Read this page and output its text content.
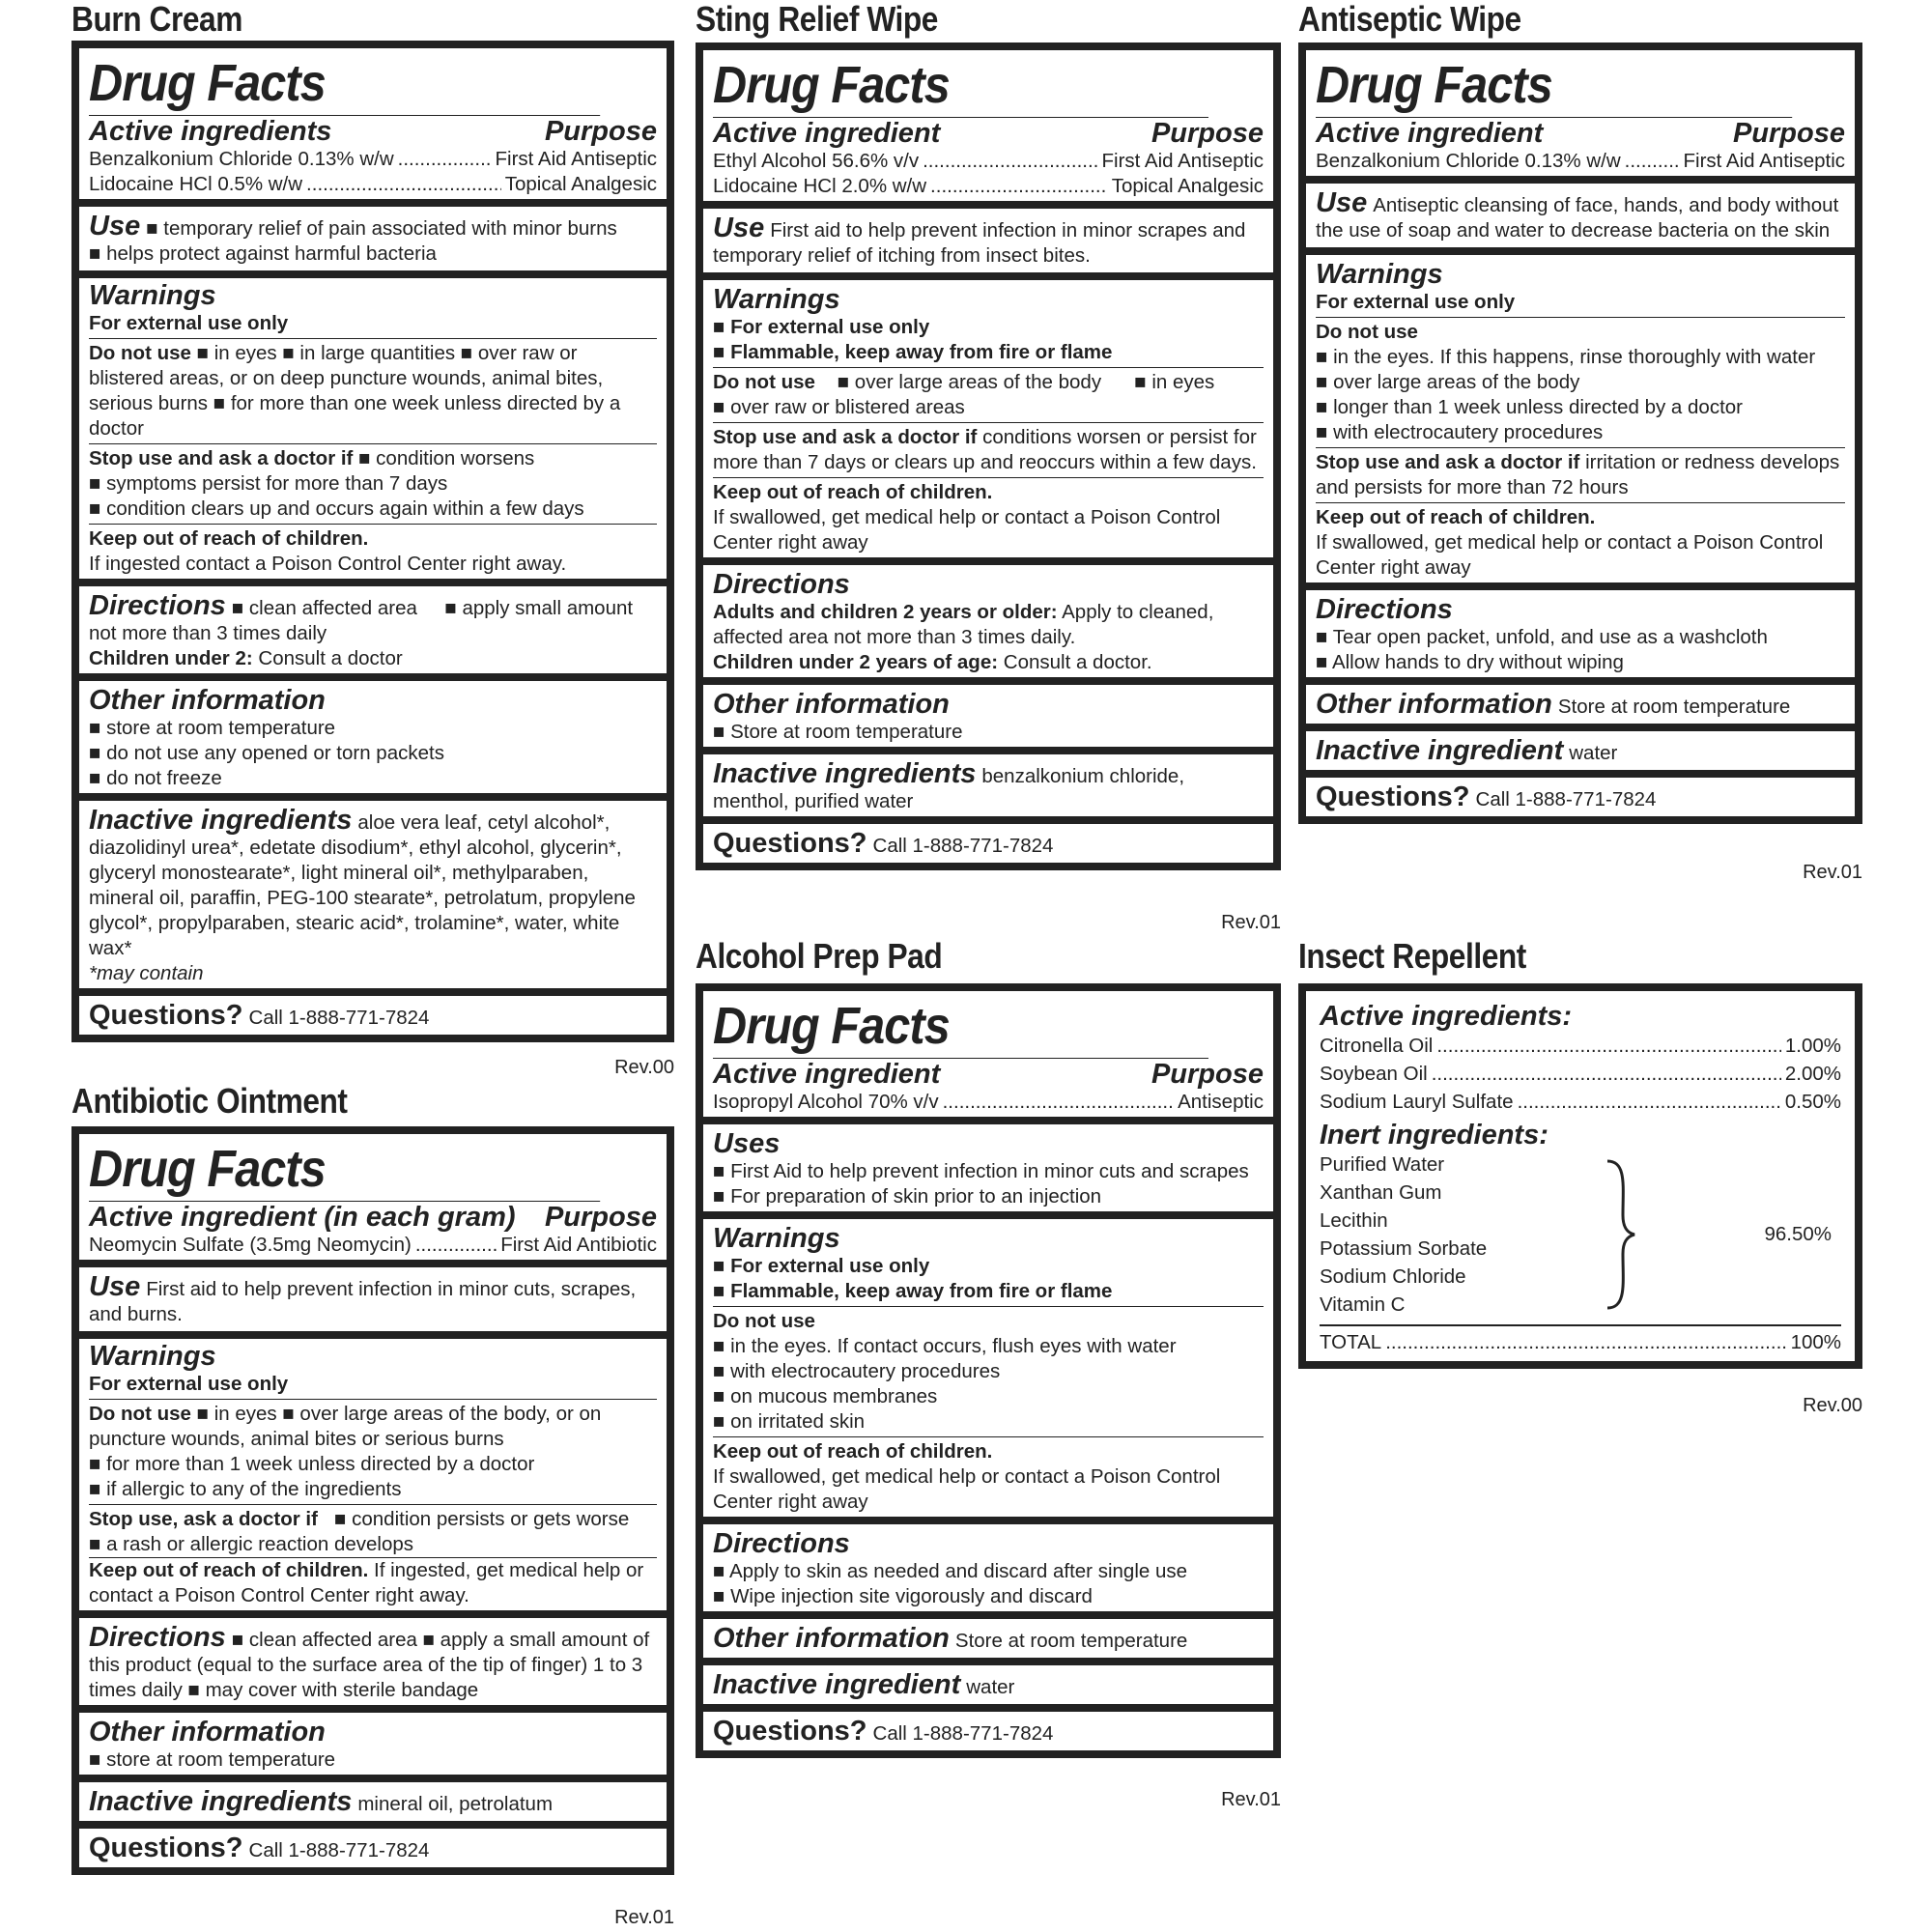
Burn Cream
Drug Facts
Active ingredients	Purpose
Benzalkonium Chloride 0.13% w/w .....	First Aid Antiseptic
Lidocaine HCl 0.5% w/w .....	Topical Analgesic

Use ■ temporary relief of pain associated with minor burns

■ helps protect against harmful bacteria

Warnings

For external use only

Do not use ■ in eyes ■ in large quantities ■ over raw or blistered areas, or on deep puncture wounds, animal bites, serious burns ■ for more than one week unless directed by a doctor

Stop use and ask a doctor if ■ condition worsens

■ symptoms persist for more than 7 days

■ condition clears up and occurs again within a few days

Keep out of reach of children.

If ingested contact a Poison Control Center right away.

Directions ■ clean affected area ■ apply small amount

not more than 3 times daily

Children under 2: Consult a doctor

Other information

■ store at room temperature

■ do not use any opened or torn packets

■ do not freeze

Inactive ingredients aloe vera leaf, cetyl alcohol*, diazolidinyl urea*, edetate disodium*, ethyl alcohol, glycerin*, glyceryl monostearate*, light mineral oil*, methylparaben, mineral oil, paraffin, PEG-100 stearate*, petrolatum, propylene glycol*, propylparaben, stearic acid*, trolamine*, water, white wax*

*may contain

Questions? Call 1-888-771-7824

Rev.00
Antibiotic Ointment
Drug Facts
Active ingredient (in each gram) Purpose
Neomycin Sulfate (3.5mg Neomycin) .....	First Aid Antibiotic

Use First aid to help prevent infection in minor cuts, scrapes, and burns.

Warnings

For external use only

Do not use ■ in eyes ■ over large areas of the body, or on puncture wounds, animal bites or serious burns

■ for more than 1 week unless directed by a doctor

■ if allergic to any of the ingredients

Stop use, ask a doctor if ■ condition persists or gets worse

■ a rash or allergic reaction develops

Keep out of reach of children. If ingested, get medical help or contact a Poison Control Center right away.

Directions ■ clean affected area ■ apply a small amount of this product (equal to the surface area of the tip of finger) 1 to 3 times daily ■ may cover with sterile bandage

Other information

■ store at room temperature

Inactive ingredients mineral oil, petrolatum

Questions? Call 1-888-771-7824

Rev.01
Sting Relief Wipe
Drug Facts
Active ingredient	Purpose
Ethyl Alcohol 56.6% v/v .....	First Aid Antiseptic
Lidocaine HCl 2.0% w/w .....	Topical Analgesic

Use First aid to help prevent infection in minor scrapes and temporary relief of itching from insect bites.

Warnings

■ For external use only

■ Flammable, keep away from fire or flame

Do not use ■ over large areas of the body ■ in eyes

■ over raw or blistered areas

Stop use and ask a doctor if conditions worsen or persist for more than 7 days or clears up and reoccurs within a few days.

Keep out of reach of children.

If swallowed, get medical help or contact a Poison Control Center right away

Directions

Adults and children 2 years or older: Apply to cleaned, affected area not more than 3 times daily.

Children under 2 years of age: Consult a doctor.

Other information

■ Store at room temperature

Inactive ingredients benzalkonium chloride, menthol, purified water

Questions? Call 1-888-771-7824

Rev.01
Alcohol Prep Pad
Drug Facts
Active ingredient	Purpose
Isopropyl Alcohol 70% v/v .....	Antiseptic

Uses

■ First Aid to help prevent infection in minor cuts and scrapes

■ For preparation of skin prior to an injection

Warnings

■ For external use only

■ Flammable, keep away from fire or flame

Do not use

■ in the eyes. If contact occurs, flush eyes with water

■ with electrocautery procedures

■ on mucous membranes

■ on irritated skin

Keep out of reach of children.

If swallowed, get medical help or contact a Poison Control Center right away

Directions

■ Apply to skin as needed and discard after single use

■ Wipe injection site vigorously and discard

Other information Store at room temperature

Inactive ingredient water

Questions? Call 1-888-771-7824

Rev.01
Antiseptic Wipe
Drug Facts
Active ingredient	Purpose
Benzalkonium Chloride 0.13% w/w .....	First Aid Antiseptic

Use Antiseptic cleansing of face, hands, and body without the use of soap and water to decrease bacteria on the skin

Warnings

For external use only

Do not use

■ in the eyes. If this happens, rinse thoroughly with water

■ over large areas of the body

■ longer than 1 week unless directed by a doctor

■ with electrocautery procedures

Stop use and ask a doctor if irritation or redness develops and persists for more than 72 hours

Keep out of reach of children.

If swallowed, get medical help or contact a Poison Control Center right away

Directions

■ Tear open packet, unfold, and use as a washcloth

■ Allow hands to dry without wiping

Other information Store at room temperature

Inactive ingredient water

Questions? Call 1-888-771-7824

Rev.01
Insect Repellent

Active ingredients:

Citronella Oil .....	1.00%
Soybean Oil .....	2.00%
Sodium Lauryl Sulfate .....	0.50%

Inert ingredients:

Purified Water

Xanthan Gum

Lecithin

Potassium Sorbate

Sodium Chloride

Vitamin C

96.50%
TOTAL .....	100%
Rev.00
